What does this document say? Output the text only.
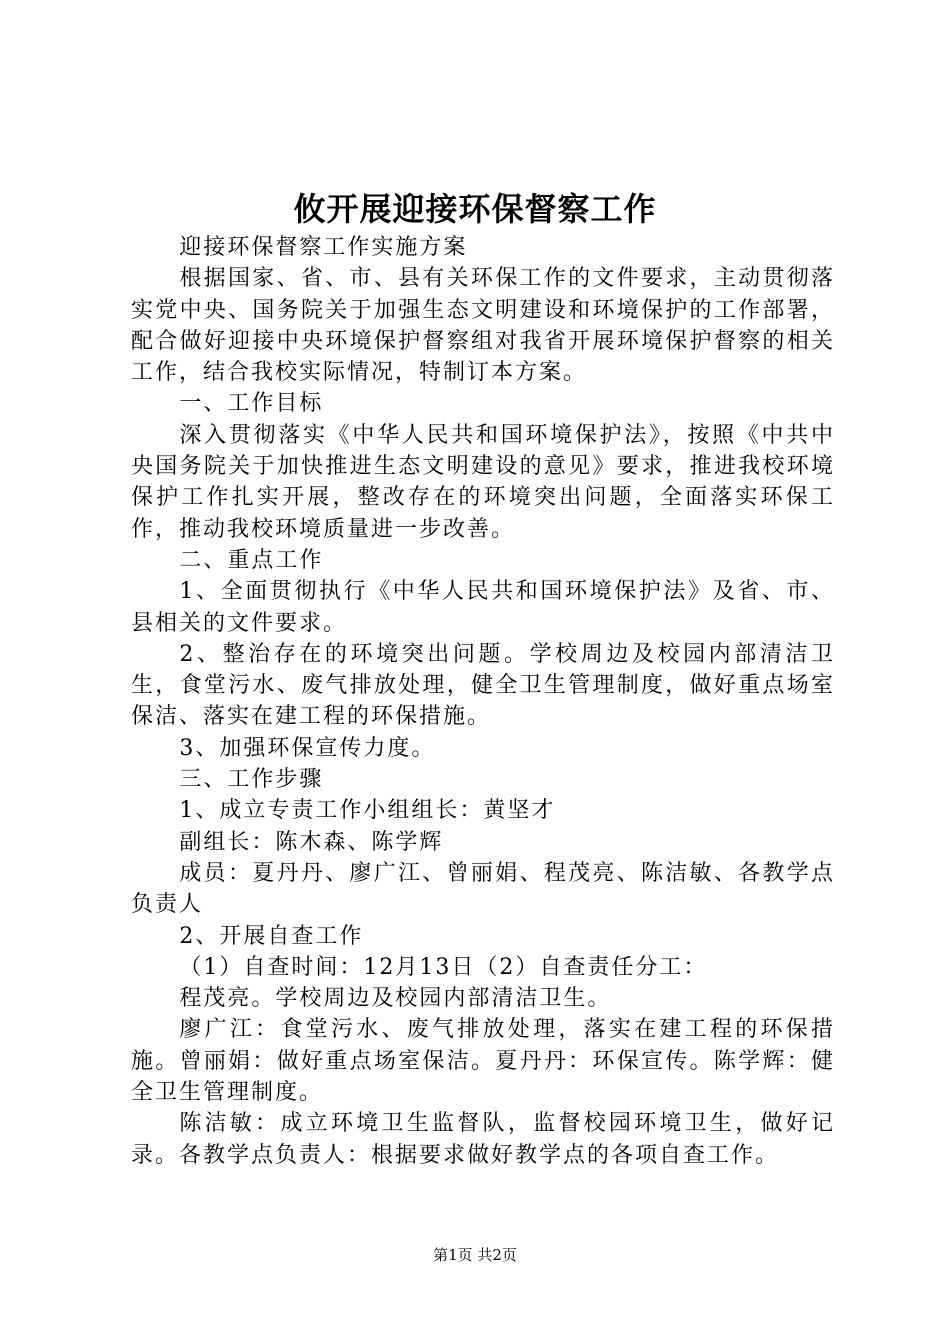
攸开展迎接环保督察工作

迎接环保督察工作实施方案

根据国家、省、市、县有关环保工作的文件要求，主动贯彻落实党中央、国务院关于加强生态文明建设和环境保护的工作部署，配合做好迎接中央环境保护督察组对我省开展环境保护督察的相关工作，结合我校实际情况，特制订本方案。

一、工作目标

深入贯彻落实《中华人民共和国环境保护法》，按照《中共中央国务院关于加快推进生态文明建设的意见》要求，推进我校环境保护工作扎实开展，整改存在的环境突出问题，全面落实环保工作，推动我校环境质量进一步改善。

二、重点工作

1、全面贯彻执行《中华人民共和国环境保护法》及省、市、县相关的文件要求。

2、整治存在的环境突出问题。学校周边及校园内部清洁卫生，食堂污水、废气排放处理，健全卫生管理制度，做好重点场室保洁、落实在建工程的环保措施。

3、加强环保宣传力度。

三、工作步骤

1、成立专责工作小组组长：黄坚才

副组长：陈木森、陈学辉

成员：夏丹丹、廖广江、曾丽娟、程茂亮、陈洁敏、各教学点负责人

2、开展自查工作

（1）自查时间：12月13日（2）自查责任分工：

程茂亮。学校周边及校园内部清洁卫生。

廖广江：食堂污水、废气排放处理，落实在建工程的环保措施。曾丽娟：做好重点场室保洁。夏丹丹：环保宣传。陈学辉：健全卫生管理制度。

陈洁敏：成立环境卫生监督队，监督校园环境卫生，做好记录。各教学点负责人：根据要求做好教学点的各项自查工作。

第1页 共2页
